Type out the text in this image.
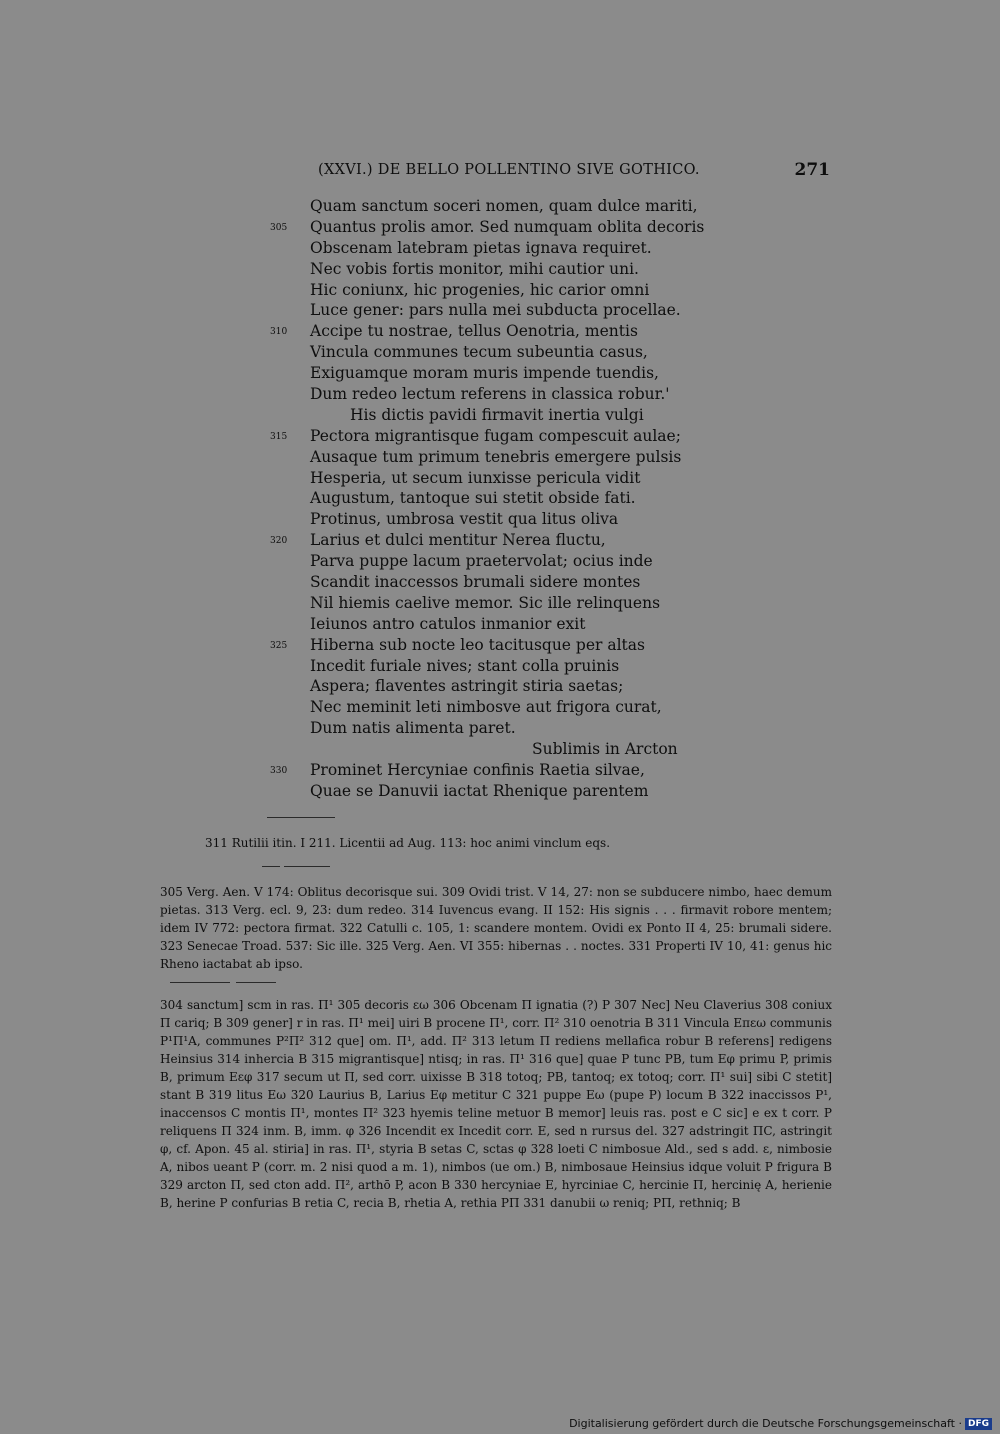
(XXVI.) DE BELLO POLLENTINO SIVE GOTHICO.	271
Quam sanctum soceri nomen, quam dulce mariti,
305 Quantus prolis amor. Sed numquam oblita decoris
Obscenam latebram pietas ignava requiret.
Nec vobis fortis monitor, mihi cautior uni.
Hic coniunx, hic progenies, hic carior omni
Luce gener: pars nulla mei subducta procellae.
310 Accipe tu nostrae, tellus Oenotria, mentis
Vincula communes tecum subeuntia casus,
Exiguamque moram muris impende tuendis,
Dum redeo lectum referens in classica robur.'
His dictis pavidi firmavit inertia vulgi
315 Pectora migrantisque fugam compescuit aulae;
Ausaque tum primum tenebris emergere pulsis
Hesperia, ut secum iunxisse pericula vidit
Augustum, tantoque sui stetit obside fati.
Protinus, umbrosa vestit qua litus oliva
320 Larius et dulci mentitur Nerea fluctu,
Parva puppe lacum praetervolat; ocius inde
Scandit inaccessos brumali sidere montes
Nil hiemis caelive memor. Sic ille relinquens
Ieiunos antro catulos inmanior exit
325 Hiberna sub nocte leo tacitusque per altas
Incedit furiale nives; stant colla pruinis
Aspera; flaventes astringit stiria saetas;
Nec meminit leti nimbosve aut frigora curat,
Dum natis alimenta paret.
Sublimis in Arcton
330 Prominet Hercyniae confinis Raetia silvae,
Quae se Danuvii iactat Rhenique parentem

311 Rutilii itin. I 211. Licentii ad Aug. 113: hoc animi vinclum eqs.

305 Verg. Aen. V 174: Oblitus decorisque sui. 309 Ovidi trist. V 14, 27: non se subducere nimbo, haec demum pietas. 313 Verg. ecl. 9, 23: dum redeo. 314 Iuvencus evang. II 152: His signis . . . firmavit robore mentem; idem IV 772: pectora firmat. 322 Catulli c. 105, 1: scandere montem. Ovidi ex Ponto II 4, 25: brumali sidere. 323 Senecae Troad. 537: Sic ille. 325 Verg. Aen. VI 355: hibernas . . noctes. 331 Properti IV 10, 41: genus hic Rheno iactabat ab ipso.

304 sanctum] scm in ras. Π¹ 305 decoris εω 306 Obcenam Π ignatia (?) P 307 Nec] Neu Claverius 308 coniux Π cariq; B 309 gener] r in ras. Π¹ mei] uiri B procene Π¹, corr. Π² 310 oenotria B 311 Vincula Eπεω communis P¹Π¹A, communes P²Π² 312 que] om. Π¹, add. Π² 313 letum Π rediens mellafica robur B referens] redigens Heinsius 314 inhercia B 315 migrantisque] ntisq; in ras. Π¹ 316 que] quae P tunc PB, tum Eφ primu P, primis B, primum Eεφ 317 secum ut Π, sed corr. uixisse B 318 totoq; PB, tantoq; ex totoq; corr. Π¹ sui] sibi C stetit] stant B 319 litus Eω 320 Laurius B, Larius Eφ metitur C 321 puppe Eω (pupe P) locum B 322 inaccissos P¹, inaccensos C montis Π¹, montes Π² 323 hyemis teline metuor B memor] leuis ras. post e C sic] e ex t corr. P reliquens Π 324 inm. B, imm. φ 326 Incendit ex Incedit corr. E, sed n rursus del. 327 adstringit ΠC, astringit φ, cf. Apon. 45 al. stiria] in ras. Π¹, styria B setas C, sctas φ 328 loeti C nimbosue Ald., sed s add. ε, nimbosie A, nibos ueant P (corr. m. 2 nisi quod a m. 1), nimbos (ue om.) B, nimbosaue Heinsius idque voluit P frigura B 329 arcton Π, sed cton add. Π², arthō P, acon B 330 hercyniae E, hyrciniae C, hercinie Π, hercinię A, herienie B, herine P confurias B retia C, recia B, rhetia A, rethia PΠ 331 danubii ω reniq; PΠ, rethniq; B

Digitalisierung gefördert durch die Deutsche Forschungsgemeinschaft · DFG
